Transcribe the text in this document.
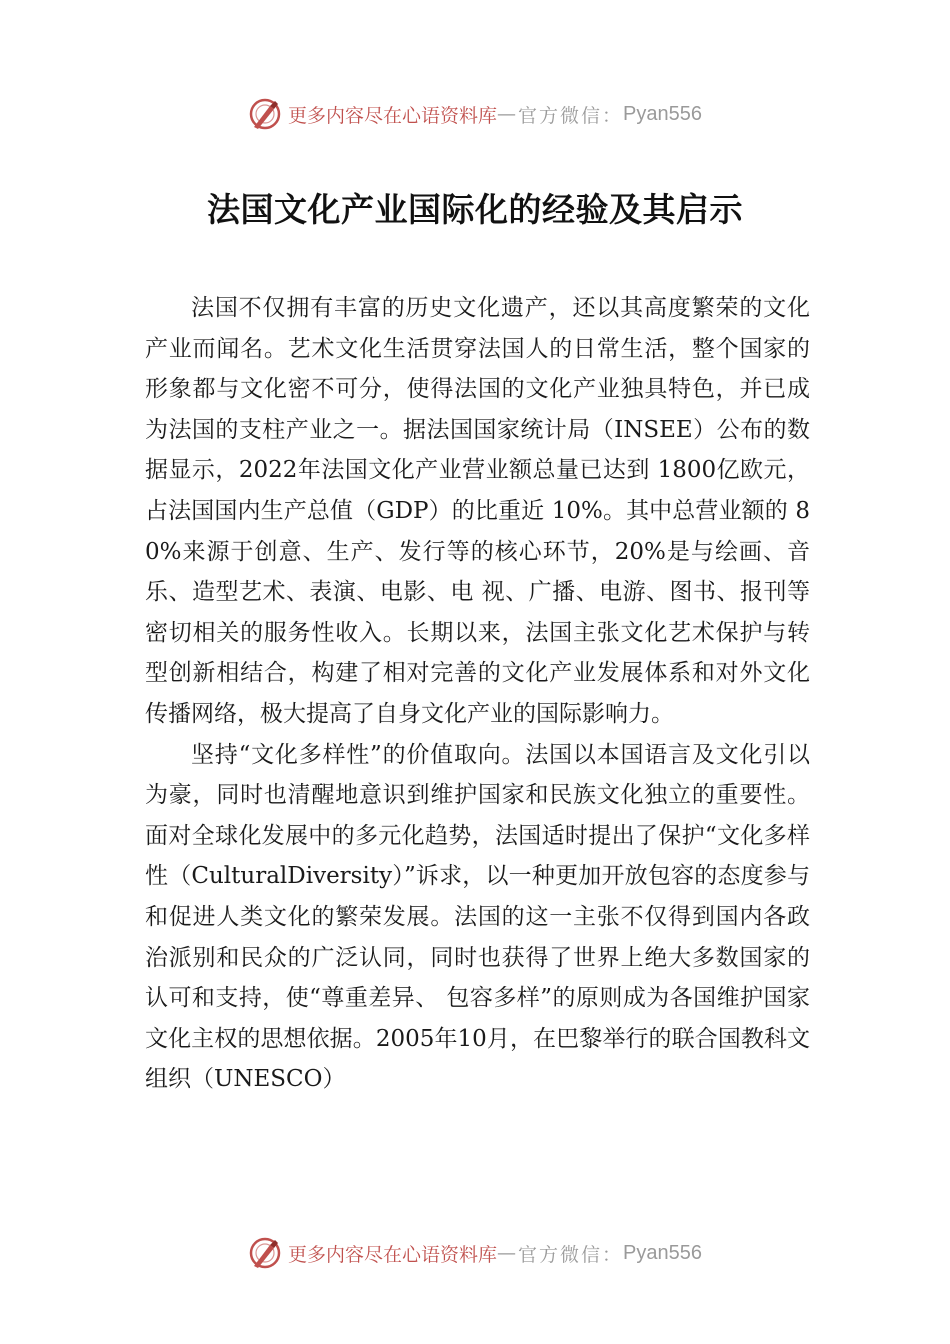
更多内容尽在心语资料库 — 官方微信： Pyan556
法国文化产业国际化的经验及其启示

法国不仅拥有丰富的历史文化遗产，还以其高度繁荣的文化产业而闻名。艺术文化生活贯穿法国人的日常生活，整个国家的形象都与文化密不可分，使得法国的文化产业独具特色，并已成为法国的支柱产业之一。据法国国家统计局（INSEE）公布的数据显示，2022年法国文化产业营业额总量已达到 1800亿欧元，占法国国内生产总值（GDP）的比重近 10%。其中总营业额的 80%来源于创意、生产、发行等的核心环节，20%是与绘画、音乐、造型艺术、表演、电影、电 视、广播、电游、图书、报刊等密切相关的服务性收入。长期以来，法国主张文化艺术保护与转型创新相结合，构建了相对完善的文化产业发展体系和对外文化传播网络，极大提高了自身文化产业的国际影响力。

坚持“文化多样性”的价值取向。法国以本国语言及文化引以为豪，同时也清醒地意识到维护国家和民族文化独立的重要性。面对全球化发展中的多元化趋势，法国适时提出了保护“文化多样性（CulturalDiversity）”诉求，以一种更加开放包容的态度参与和促进人类文化的繁荣发展。法国的这一主张不仅得到国内各政治派别和民众的广泛认同，同时也获得了世界上绝大多数国家的认可和支持，使“尊重差异、 包容多样”的原则成为各国维护国家文化主权的思想依据。2005年10月，在巴黎举行的联合国教科文组织（UNESCO）

更多内容尽在心语资料库 — 官方微信： Pyan556
